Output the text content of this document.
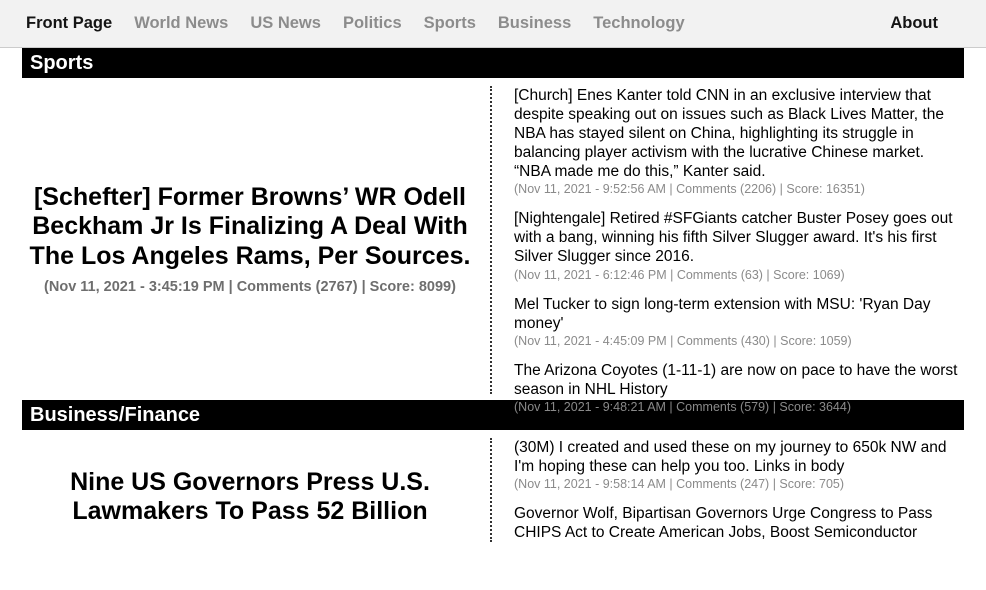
Front Page World News US News Politics Sports Business Technology	About
Sports
[Schefter] Former Browns’ WR Odell Beckham Jr Is Finalizing A Deal With The Los Angeles Rams, Per Sources.
(Nov 11, 2021 - 3:45:19 PM | Comments (2767) | Score: 8099)
[Church] Enes Kanter told CNN in an exclusive interview that despite speaking out on issues such as Black Lives Matter, the NBA has stayed silent on China, highlighting its struggle in balancing player activism with the lucrative Chinese market. “NBA made me do this,” Kanter said.
(Nov 11, 2021 - 9:52:56 AM | Comments (2206) | Score: 16351)
[Nightengale] Retired #SFGiants catcher Buster Posey goes out with a bang, winning his fifth Silver Slugger award. It's his first Silver Slugger since 2016.
(Nov 11, 2021 - 6:12:46 PM | Comments (63) | Score: 1069)
Mel Tucker to sign long-term extension with MSU: 'Ryan Day money'
(Nov 11, 2021 - 4:45:09 PM | Comments (430) | Score: 1059)
The Arizona Coyotes (1-11-1) are now on pace to have the worst season in NHL History
(Nov 11, 2021 - 9:48:21 AM | Comments (579) | Score: 3644)
Business/Finance
Nine US Governors Press U.S. Lawmakers To Pass 52 Billion
(30M) I created and used these on my journey to 650k NW and I'm hoping these can help you too. Links in body
(Nov 11, 2021 - 9:58:14 AM | Comments (247) | Score: 705)
Governor Wolf, Bipartisan Governors Urge Congress to Pass CHIPS Act to Create American Jobs, Boost Semiconductor
